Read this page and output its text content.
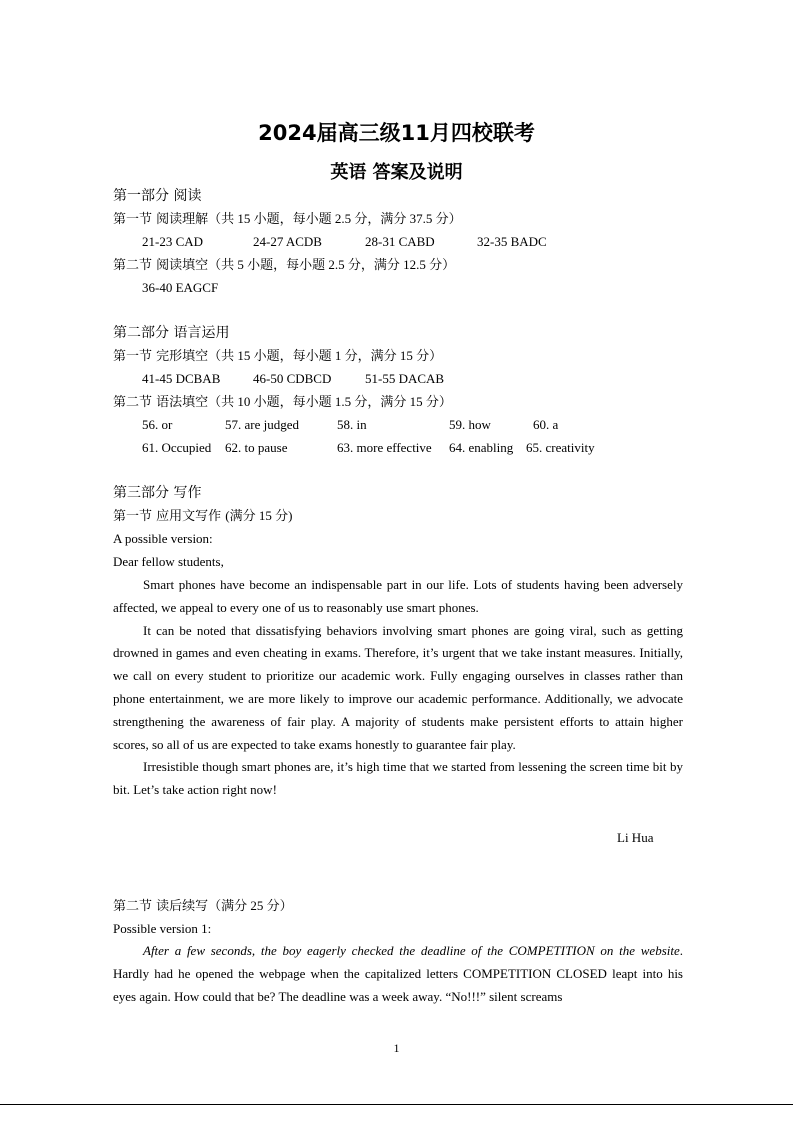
2024届高三级11月四校联考
英语 答案及说明
第一部分 阅读
第一节 阅读理解（共 15 小题，每小题 2.5 分，满分 37.5 分）
21-23 CAD	24-27 ACDB	28-31 CABD	32-35 BADC
第二节 阅读填空（共 5 小题，每小题 2.5 分，满分 12.5 分）
36-40 EAGCF
第二部分 语言运用
第一节 完形填空（共 15 小题，每小题 1 分，满分 15 分）
41-45 DCBAB	46-50 CDBCD	51-55 DACAB
第二节 语法填空（共 10 小题，每小题 1.5 分，满分 15 分）
56. or	57. are judged	58. in	59. how	60. a
61. Occupied 62. to pause	63. more effective 64. enabling 65. creativity
第三部分 写作
第一节 应用文写作 (满分 15 分)
A possible version:
Dear fellow students,

Smart phones have become an indispensable part in our life. Lots of students having been adversely affected, we appeal to every one of us to reasonably use smart phones.

It can be noted that dissatisfying behaviors involving smart phones are going viral, such as getting drowned in games and even cheating in exams. Therefore, it’s urgent that we take instant measures. Initially, we call on every student to prioritize our academic work. Fully engaging ourselves in classes rather than phone entertainment, we are more likely to improve our academic performance. Additionally, we advocate strengthening the awareness of fair play. A majority of students make persistent efforts to attain higher scores, so all of us are expected to take exams honestly to guarantee fair play.

Irresistible though smart phones are, it’s high time that we started from lessening the screen time bit by bit. Let’s take action right now!

Li Hua
第二节 读后续写（满分 25 分）
Possible version 1:

After a few seconds, the boy eagerly checked the deadline of the COMPETITION on the website. Hardly had he opened the webpage when the capitalized letters COMPETITION CLOSED leapt into his eyes again. How could that be? The deadline was a week away. “No!!!” silent screams

1
